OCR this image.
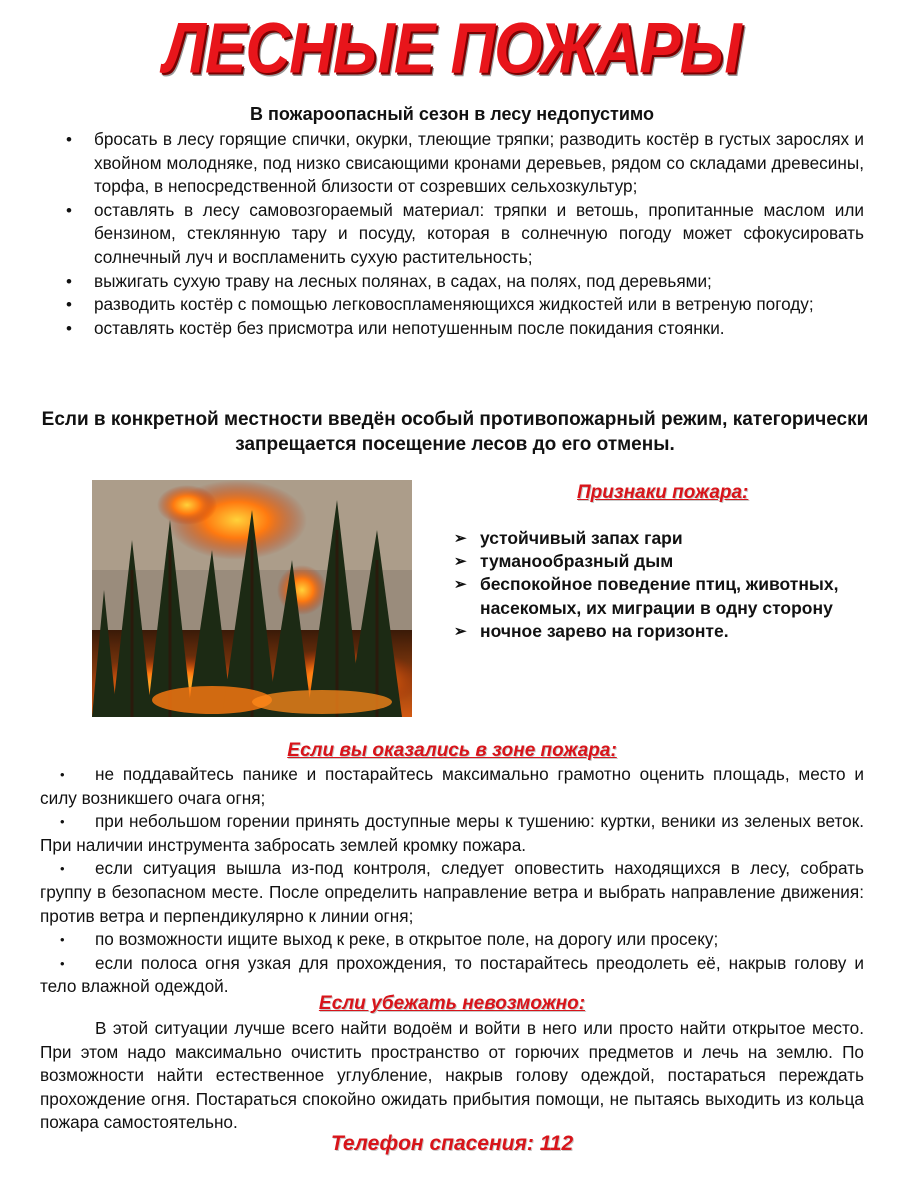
ЛЕСНЫЕ ПОЖАРЫ
В пожароопасный сезон в лесу недопустимо
• бросать в лесу горящие спички, окурки, тлеющие тряпки; разводить костёр в густых зарослях и хвойном молодняке, под низко свисающими кронами деревьев, рядом со складами древесины, торфа, в непосредственной близости от созревших сельхозкультур;
• оставлять в лесу самовозгораемый материал: тряпки и ветошь, пропитанные маслом или бензином, стеклянную тару и посуду, которая в солнечную погоду может сфокусировать солнечный луч и воспламенить сухую растительность;
• выжигать сухую траву на лесных полянах, в садах, на полях, под деревьями;
• разводить костёр с помощью легковоспламеняющихся жидкостей или в ветреную погоду;
• оставлять костёр без присмотра или непотушенным после покидания стоянки.
Если в конкретной местности введён особый противопожарный режим, категорически запрещается посещение лесов до его отмены.
Признаки пожара:
➢ устойчивый запах гари
➢ туманообразный дым
➢ беспокойное поведение птиц, животных, насекомых, их миграции в одну сторону
➢ ночное зарево на горизонте.
Если вы оказались в зоне пожара:
• не поддавайтесь панике и постарайтесь максимально грамотно оценить площадь, место и силу возникшего очага огня;
• при небольшом горении принять доступные меры к тушению: куртки, веники из зеленых веток. При наличии инструмента забросать землей кромку пожара.
• если ситуация вышла из-под контроля, следует оповестить находящихся в лесу, собрать группу в безопасном месте. После определить направление ветра и выбрать направление движения: против ветра и перпендикулярно к линии огня;
• по возможности ищите выход к реке, в открытое поле, на дорогу или просеку;
• если полоса огня узкая для прохождения, то постарайтесь преодолеть её, накрыв голову и тело влажной одеждой.
Если убежать невозможно:
В этой ситуации лучше всего найти водоём и войти в него или просто найти открытое место. При этом надо максимально очистить пространство от горючих предметов и лечь на землю. По возможности найти естественное углубление, накрыв голову одеждой, постараться переждать прохождение огня. Постараться спокойно ожидать прибытия помощи, не пытаясь выходить из кольца пожара самостоятельно.
Телефон спасения: 112
